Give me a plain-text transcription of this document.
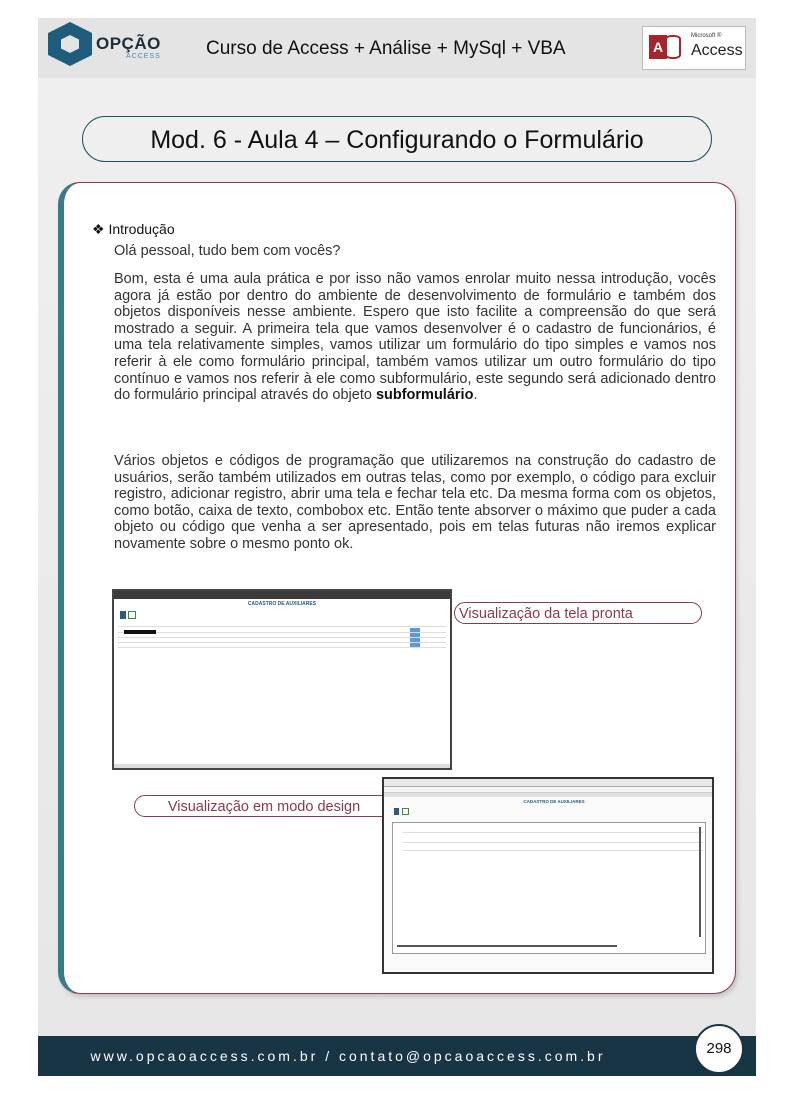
OPÇÃO
ACCESS Curso de Access + Análise + MySql + VBA	A
Microsoft ®
Access
Mod. 6 - Aula 4 – Configurando o Formulário
❖ Introdução
Olá pessoal, tudo bem com vocês?
Bom, esta é uma aula prática e por isso não vamos enrolar muito nessa introdução, vocês agora já estão por dentro do ambiente de desenvolvimento de formulário e também dos objetos disponíveis nesse ambiente. Espero que isto facilite a compreensão do que será mostrado a seguir. A primeira tela que vamos desenvolver é o cadastro de funcionários, é uma tela relativamente simples, vamos utilizar um formulário do tipo simples e vamos nos referir à ele como formulário principal, também vamos utilizar um outro formulário do tipo contínuo e vamos nos referir à ele como subformulário, este segundo será adicionado dentro do formulário principal através do objeto subformulário.
Vários objetos e códigos de programação que utilizaremos na construção do cadastro de usuários, serão também utilizados em outras telas, como por exemplo, o código para excluir registro, adicionar registro, abrir uma tela e fechar tela etc. Da mesma forma com os objetos, como botão, caixa de texto, combobox etc. Então tente absorver o máximo que puder a cada objeto ou código que venha a ser apresentado, pois em telas futuras não iremos explicar novamente sobre o mesmo ponto ok.
CADASTRO DE AUXILIARES
Visualização da tela pronta
Visualização em modo design	CADASTRO DE AUXILIARES
www.opcaoaccess.com.br / contato@opcaoaccess.com.br	298
